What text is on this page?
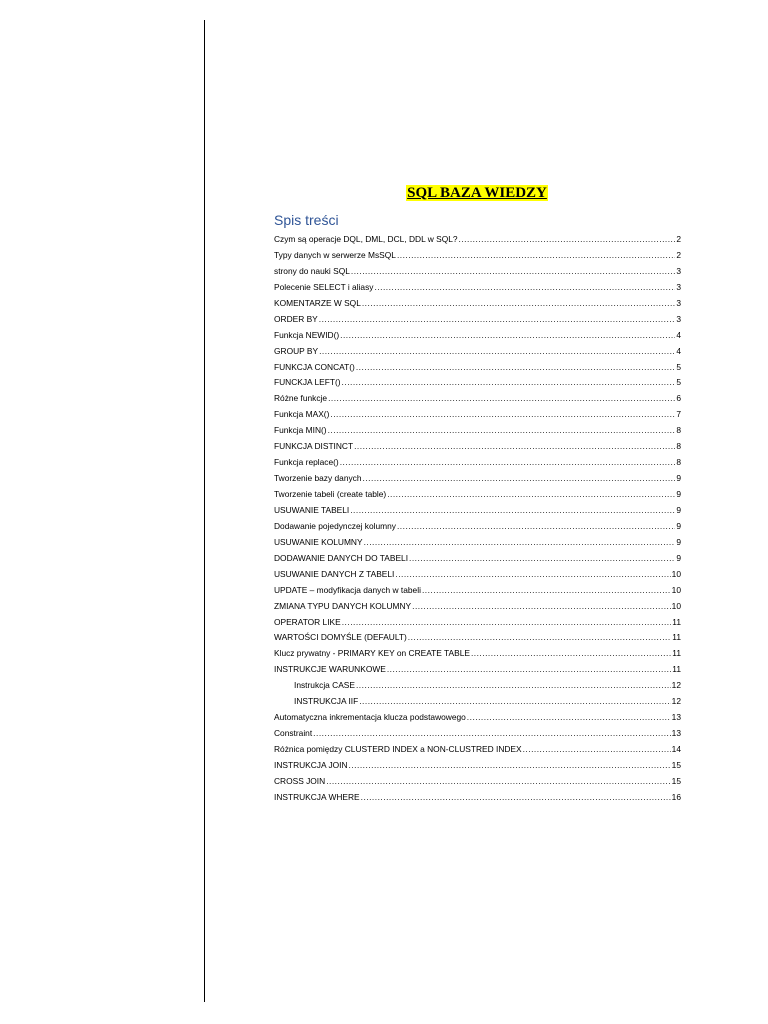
SQL BAZA WIEDZY
Spis treści
Czym są operacje DQL, DML, DCL, DDL w SQL? .....	2
Typy danych w serwerze MsSQL .....	2
strony do nauki SQL .....	3
Polecenie SELECT i aliasy .....	3
KOMENTARZE W SQL .....	3
ORDER BY .....	3
Funkcja NEWID() .....	4
GROUP BY .....	4
FUNKCJA CONCAT() .....	5
FUNCKJA LEFT() .....	5
Różne funkcje .....	6
Funkcja MAX() .....	7
Funkcja MIN() .....	8
FUNKCJA DISTINCT .....	8
Funkcja replace() .....	8
Tworzenie bazy danych .....	9
Tworzenie tabeli (create table) .....	9
USUWANIE TABELI .....	9
Dodawanie pojedynczej kolumny .....	9
USUWANIE KOLUMNY .....	9
DODAWANIE DANYCH DO TABELI .....	9
USUWANIE DANYCH Z TABELI .....	10
UPDATE – modyfikacja danych w tabeli .....	10
ZMIANA TYPU DANYCH KOLUMNY .....	10
OPERATOR LIKE .....	11
WARTOŚCI DOMYŚLE (DEFAULT) .....	11
Klucz prywatny - PRIMARY KEY on CREATE TABLE .....	11
INSTRUKCJE WARUNKOWE .....	11
Instrukcja CASE .....	12
INSTRUKCJA IIF .....	12
Automatyczna inkrementacja klucza podstawowego .....	13
Constraint .....	13
Różnica pomiędzy CLUSTERD INDEX a NON-CLUSTRED INDEX .....	14
INSTRUKCJA JOIN .....	15
CROSS JOIN .....	15
INSTRUKCJA WHERE .....	16
